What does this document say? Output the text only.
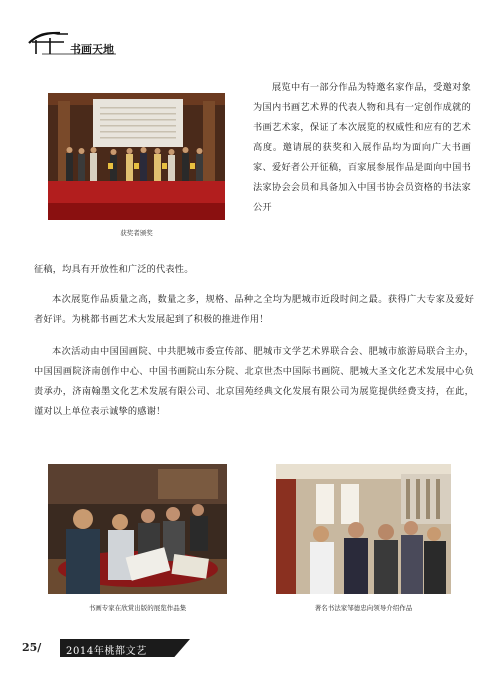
书画天地
获奖者颁奖

展览中有一部分作品为特邀名家作品，受邀对象为国内书画艺术界的代表人物和具有一定创作成就的书画艺术家，保证了本次展览的权威性和应有的艺术高度。邀请展的获奖和入展作品均为面向广大书画家、爱好者公开征稿，百家展参展作品是面向中国书法家协会会员和具备加入中国书协会员资格的书法家公开

征稿，均具有开放性和广泛的代表性。

本次展览作品质量之高，数量之多，规格、品种之全均为肥城市近段时间之最。获得广大专家及爱好者好评。为桃都书画艺术大发展起到了积极的推进作用！

本次活动由中国国画院、中共肥城市委宣传部、肥城市文学艺术界联合会、肥城市旅游局联合主办，中国国画院济南创作中心、中国书画院山东分院、北京世杰中国际书画院、肥城大圣文化艺术发展中心负责承办，济南翰墨文化艺术发展有限公司、北京国苑经典文化发展有限公司为展览提供经费支持，在此，谨对以上单位表示诚挚的感谢！

书画专家在欣赏出版的展览作品集	著名书法家邹德忠向领导介绍作品
25/ 2014年桃都文艺
